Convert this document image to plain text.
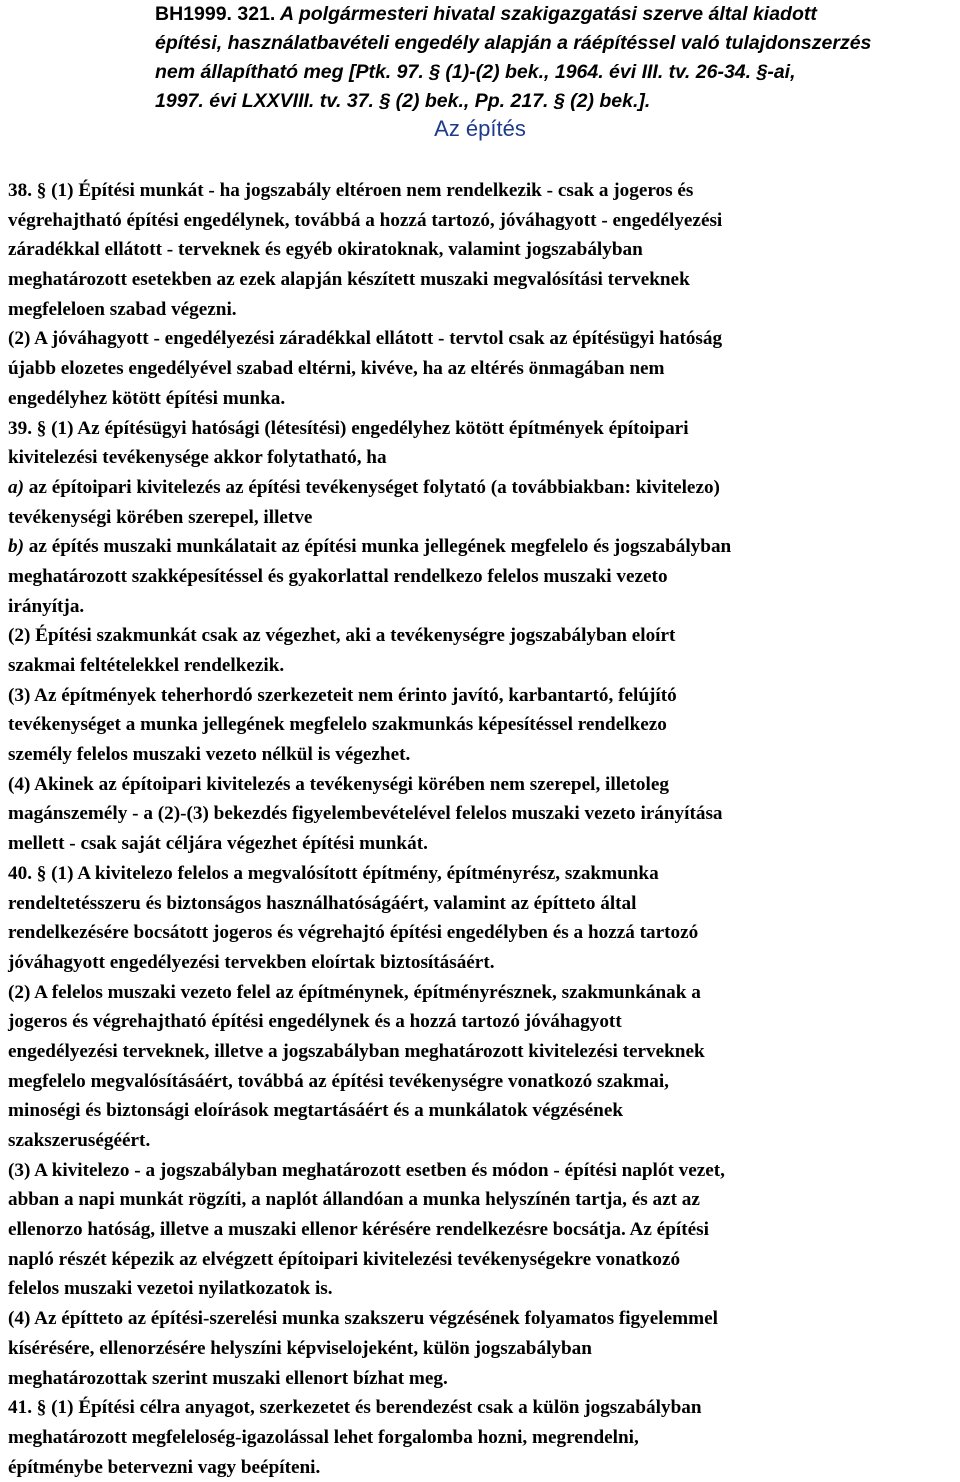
BH1999. 321. A polgármesteri hivatal szakigazgatási szerve által kiadott
építési, használatbavételi engedély alapján a ráépítéssel való tulajdonszerzés
nem állapítható meg [Ptk. 97. § (1)-(2) bek., 1964. évi III. tv. 26-34. §-ai,
1997. évi LXXVIII. tv. 37. § (2) bek., Pp. 217. § (2) bek.].
Az építés
38. § (1) Építési munkát - ha jogszabály eltéroen nem rendelkezik - csak a jogeros és
végrehajtható építési engedélynek, továbbá a hozzá tartozó, jóváhagyott - engedélyezési
záradékkal ellátott - terveknek és egyéb okiratoknak, valamint jogszabályban
meghatározott esetekben az ezek alapján készített muszaki megvalósítási terveknek
megfeleloen szabad végezni.
(2) A jóváhagyott - engedélyezési záradékkal ellátott - tervtol csak az építésügyi hatóság
újabb elozetes engedélyével szabad eltérni, kivéve, ha az eltérés önmagában nem
engedélyhez kötött építési munka.
39. § (1) Az építésügyi hatósági (létesítési) engedélyhez kötött építmények építoipari
kivitelezési tevékenysége akkor folytatható, ha
a) az építoipari kivitelezés az építési tevékenységet folytató (a továbbiakban: kivitelezo)
tevékenységi körében szerepel, illetve
b) az építés muszaki munkálatait az építési munka jellegének megfelelo és jogszabályban
meghatározott szakképesítéssel és gyakorlattal rendelkezo felelos muszaki vezeto
irányítja.
(2) Építési szakmunkát csak az végezhet, aki a tevékenységre jogszabályban eloírt
szakmai feltételekkel rendelkezik.
(3) Az építmények teherhordó szerkezeteit nem érinto javító, karbantartó, felújító
tevékenységet a munka jellegének megfelelo szakmunkás képesítéssel rendelkezo
személy felelos muszaki vezeto nélkül is végezhet.
(4) Akinek az építoipari kivitelezés a tevékenységi körében nem szerepel, illetoleg
magánszemély - a (2)-(3) bekezdés figyelembevételével felelos muszaki vezeto irányítása
mellett - csak saját céljára végezhet építési munkát.
40. § (1) A kivitelezo felelos a megvalósított építmény, építményrész, szakmunka
rendeltetésszeru és biztonságos használhatóságáért, valamint az építteto által
rendelkezésére bocsátott jogeros és végrehajtó építési engedélyben és a hozzá tartozó
jóváhagyott engedélyezési tervekben eloírtak biztosításáért.
(2) A felelos muszaki vezeto felel az építménynek, építményrésznek, szakmunkának a
jogeros és végrehajtható építési engedélynek és a hozzá tartozó jóváhagyott
engedélyezési terveknek, illetve a jogszabályban meghatározott kivitelezési terveknek
megfelelo megvalósításáért, továbbá az építési tevékenységre vonatkozó szakmai,
minoségi és biztonsági eloírások megtartásáért és a munkálatok végzésének
szakszeruségéért.
(3) A kivitelezo - a jogszabályban meghatározott esetben és módon - építési naplót vezet,
abban a napi munkát rögzíti, a naplót állandóan a munka helyszínén tartja, és azt az
ellenorzo hatóság, illetve a muszaki ellenor kérésére rendelkezésre bocsátja. Az építési
napló részét képezik az elvégzett építoipari kivitelezési tevékenységekre vonatkozó
felelos muszaki vezetoi nyilatkozatok is.
(4) Az építteto az építési-szerelési munka szakszeru végzésének folyamatos figyelemmel
kísérésére, ellenorzésére helyszíni képviselojeként, külön jogszabályban
meghatározottak szerint muszaki ellenort bízhat meg.
41. § (1) Építési célra anyagot, szerkezetet és berendezést csak a külön jogszabályban
meghatározott megfeleloség-igazolással lehet forgalomba hozni, megrendelni,
építménybe betervezni vagy beépíteni.
